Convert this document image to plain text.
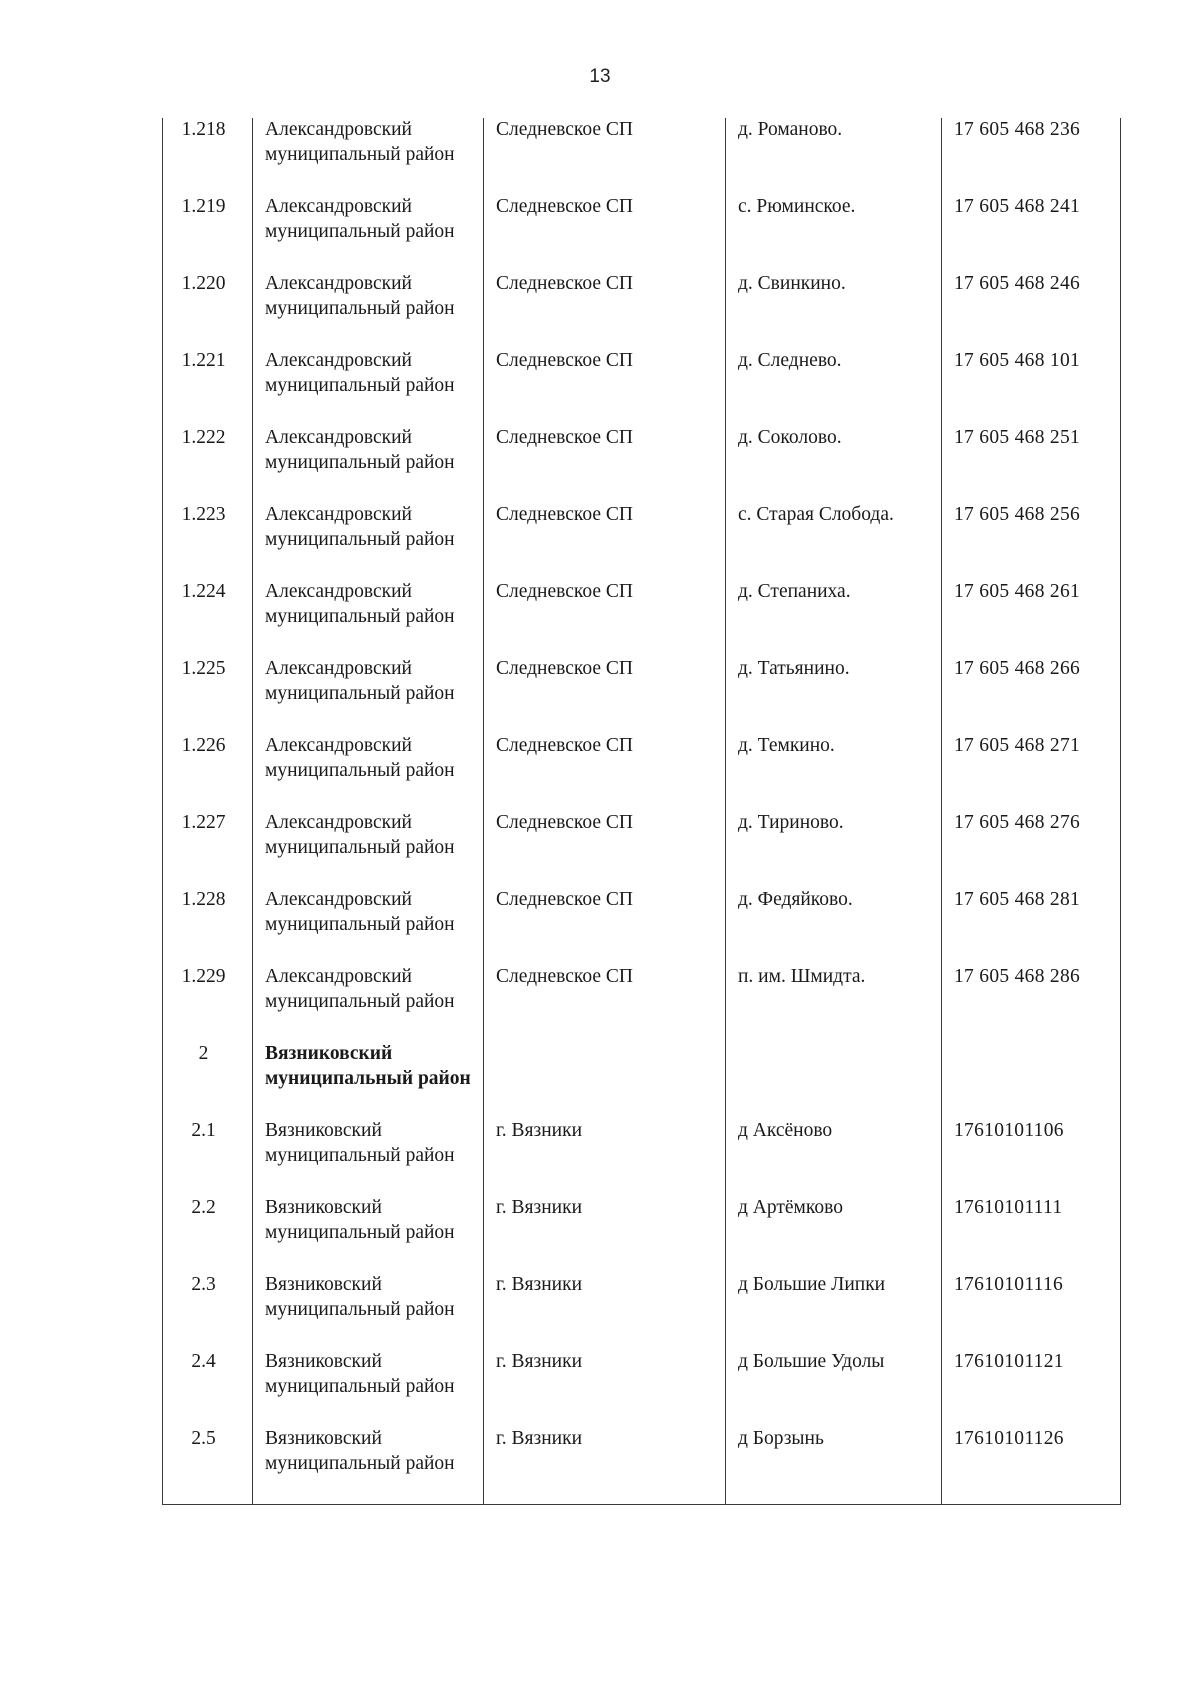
13
1.218	Александровский муниципальный район	Следневское СП	д. Романово.	17 605 468 236
1.219	Александровский муниципальный район	Следневское СП	с. Рюминское.	17 605 468 241
1.220	Александровский муниципальный район	Следневское СП	д. Свинкино.	17 605 468 246
1.221	Александровский муниципальный район	Следневское СП	д. Следнево.	17 605 468 101
1.222	Александровский муниципальный район	Следневское СП	д. Соколово.	17 605 468 251
1.223	Александровский муниципальный район	Следневское СП	с. Старая Слобода.	17 605 468 256
1.224	Александровский муниципальный район	Следневское СП	д. Степаниха.	17 605 468 261
1.225	Александровский муниципальный район	Следневское СП	д. Татьянино.	17 605 468 266
1.226	Александровский муниципальный район	Следневское СП	д. Темкино.	17 605 468 271
1.227	Александровский муниципальный район	Следневское СП	д. Тириново.	17 605 468 276
1.228	Александровский муниципальный район	Следневское СП	д. Федяйково.	17 605 468 281
1.229	Александровский муниципальный район	Следневское СП	п. им. Шмидта.	17 605 468 286
2	Вязниковский муниципальный район			
2.1	Вязниковский муниципальный район	г. Вязники	д Аксёново	17610101106
2.2	Вязниковский муниципальный район	г. Вязники	д Артёмково	17610101111
2.3	Вязниковский муниципальный район	г. Вязники	д Большие Липки	17610101116
2.4	Вязниковский муниципальный район	г. Вязники	д Большие Удолы	17610101121
2.5	Вязниковский муниципальный район	г. Вязники	д Борзынь	17610101126
